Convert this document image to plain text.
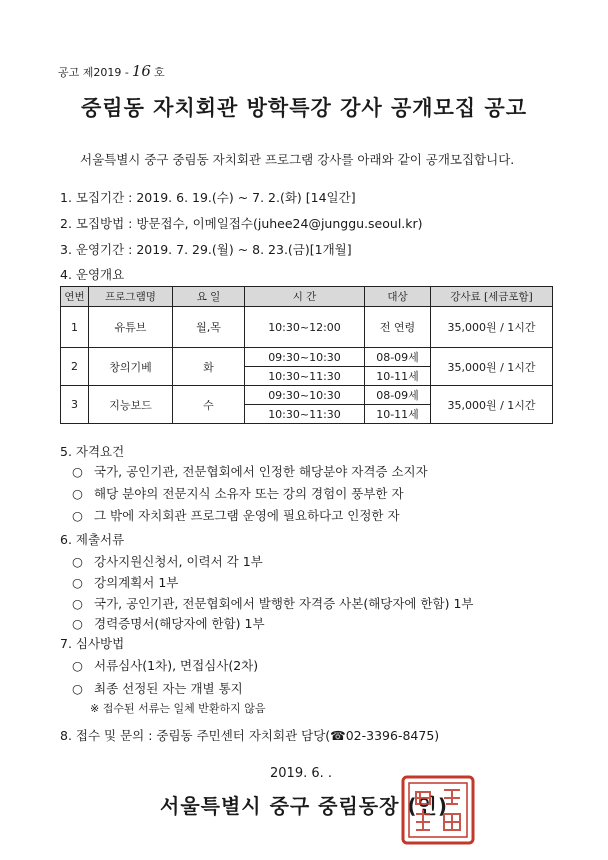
공고 제2019 - 16 호
중림동 자치회관 방학특강 강사 공개모집 공고
서울특별시 중구 중림동 자치회관 프로그램 강사를 아래와 같이 공개모집합니다.
1. 모집기간 : 2019. 6. 19.(수) ~ 7. 2.(화) [14일간]
2. 모집방법 : 방문접수, 이메일접수(juhee24@junggu.seoul.kr)
3. 운영기간 : 2019. 7. 29.(월) ~ 8. 23.(금)[1개월]
4. 운영개요
연번	프로그램명	요 일	시 간	대상	강사료 [세금포함]
1	유튜브	월,목	10:30~12:00	전 연령	35,000원 / 1시간
2	창의기베	화	09:30~10:30	08-09세	35,000원 / 1시간
			10:30~11:30	10-11세	
3	지능보드	수	09:30~10:30	08-09세	35,000원 / 1시간
			10:30~11:30	10-11세	
5. 자격요건
○ 국가, 공인기관, 전문협회에서 인정한 해당분야 자격증 소지자
○ 해당 분야의 전문지식 소유자 또는 강의 경험이 풍부한 자
○ 그 밖에 자치회관 프로그램 운영에 필요하다고 인정한 자
6. 제출서류
○ 강사지원신청서, 이력서 각 1부
○ 강의계획서 1부
○ 국가, 공인기관, 전문협회에서 발행한 자격증 사본(해당자에 한함) 1부
○ 경력증명서(해당자에 한함) 1부
7. 심사방법
○ 서류심사(1차), 면접심사(2차)
○ 최종 선정된 자는 개별 통지
※ 접수된 서류는 일체 반환하지 않음
8. 접수 및 문의 : 중림동 주민센터 자치회관 담당(☎02-3396-8475)
2019. 6. .
서울특별시 중구 중림동장 (인)
